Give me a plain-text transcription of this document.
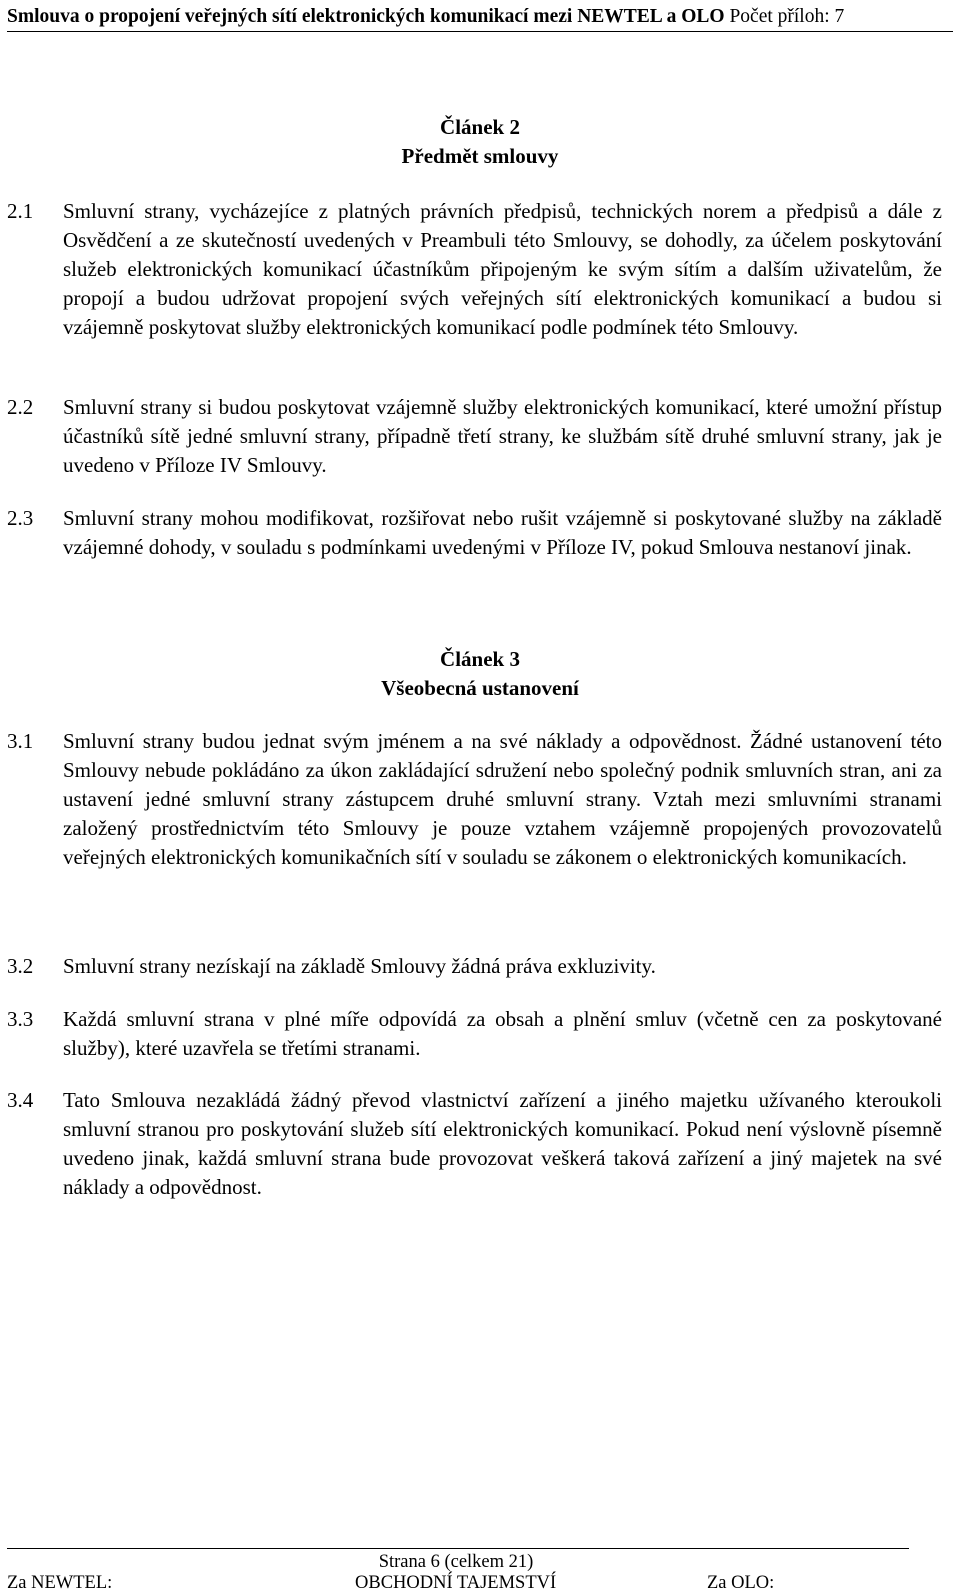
Smlouva o propojení veřejných sítí elektronických komunikací mezi NEWTEL a OLO Počet příloh: 7
Článek 2
Předmět smlouvy
2.1 Smluvní strany, vycházejíce z platných právních předpisů, technických norem a předpisů a dále z Osvědčení a ze skutečností uvedených v Preambuli této Smlouvy, se dohodly, za účelem poskytování služeb elektronických komunikací účastníkům připojeným ke svým sítím a dalším uživatelům, že propojí a budou udržovat propojení svých veřejných sítí elektronických komunikací a budou si vzájemně poskytovat služby elektronických komunikací podle podmínek této Smlouvy.
2.2 Smluvní strany si budou poskytovat vzájemně služby elektronických komunikací, které umožní přístup účastníků sítě jedné smluvní strany, případně třetí strany, ke službám sítě druhé smluvní strany, jak je uvedeno v Příloze IV Smlouvy.
2.3 Smluvní strany mohou modifikovat, rozšiřovat nebo rušit vzájemně si poskytované služby na základě vzájemné dohody, v souladu s podmínkami uvedenými v Příloze IV, pokud Smlouva nestanoví jinak.
Článek 3
Všeobecná ustanovení
3.1 Smluvní strany budou jednat svým jménem a na své náklady a odpovědnost. Žádné ustanovení této Smlouvy nebude pokládáno za úkon zakládající sdružení nebo společný podnik smluvních stran, ani za ustavení jedné smluvní strany zástupcem druhé smluvní strany. Vztah mezi smluvními stranami založený prostřednictvím této Smlouvy je pouze vztahem vzájemně propojených provozovatelů veřejných elektronických komunikačních sítí v souladu se zákonem o elektronických komunikacích.
3.2 Smluvní strany nezískají na základě Smlouvy žádná práva exkluzivity.
3.3 Každá smluvní strana v plné míře odpovídá za obsah a plnění smluv (včetně cen za poskytované služby), které uzavřela se třetími stranami.
3.4 Tato Smlouva nezakládá žádný převod vlastnictví zařízení a jiného majetku užívaného kteroukoli smluvní stranou pro poskytování služeb sítí elektronických komunikací. Pokud není výslovně písemně uvedeno jinak, každá smluvní strana bude provozovat veškerá taková zařízení a jiný majetek na své náklady a odpovědnost.
Strana 6 (celkem 21)
Za NEWTEL:	OBCHODNÍ TAJEMSTVÍ	Za OLO:
